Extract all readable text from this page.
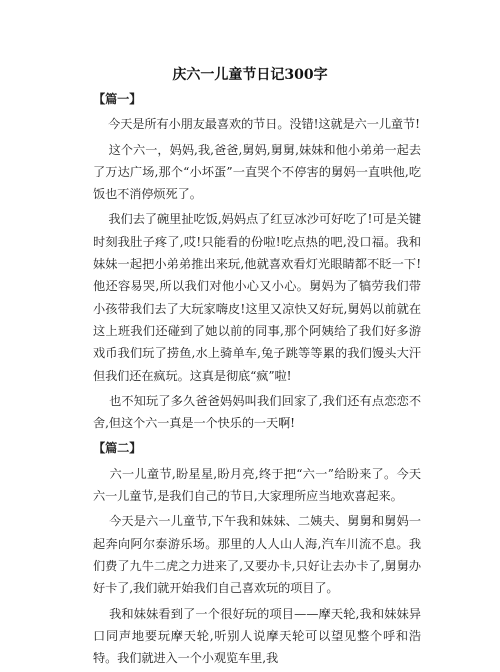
庆六一儿童节日记300字

【篇一】

今天是所有小朋友最喜欢的节日。没错!这就是六一儿童节!

这个六一，妈妈,我,爸爸,舅妈,舅舅,妹妹和他小弟弟一起去了万达广场,那个“小坏蛋”一直哭个不停害的舅妈一直哄他,吃饭也不消停烦死了。

我们去了碗里扯吃饭,妈妈点了红豆冰沙可好吃了!可是关键时刻我肚子疼了,哎!只能看的份啦!吃点热的吧,没口福。我和妹妹一起把小弟弟推出来玩,他就喜欢看灯光眼睛都不眨一下!他还容易哭,所以我们对他小心又小心。舅妈为了犒劳我们带小孩带我们去了大玩家嗨皮!这里又凉快又好玩,舅妈以前就在这上班我们还碰到了她以前的同事,那个阿姨给了我们好多游戏币我们玩了捞鱼,水上骑单车,兔子跳等等累的我们馒头大汗但我们还在疯玩。这真是彻底“疯”啦!

也不知玩了多久爸爸妈妈叫我们回家了,我们还有点恋恋不舍,但这个六一真是一个快乐的一天啊!

【篇二】

六一儿童节,盼星星,盼月亮,终于把“六一”给盼来了。今天六一儿童节,是我们自己的节日,大家理所应当地欢喜起来。

今天是六一儿童节,下午我和妹妹、二姨夫、舅舅和舅妈一起奔向阿尔泰游乐场。那里的人人山人海,汽车川流不息。我们费了九牛二虎之力进来了,又要办卡,只好让去办卡了,舅舅办好卡了,我们就开始我们自己喜欢玩的项目了。

我和妹妹看到了一个很好玩的项目——摩天轮,我和妹妹异口同声地要玩摩天轮,听别人说摩天轮可以望见整个呼和浩特。我们就进入一个小观览车里,我
